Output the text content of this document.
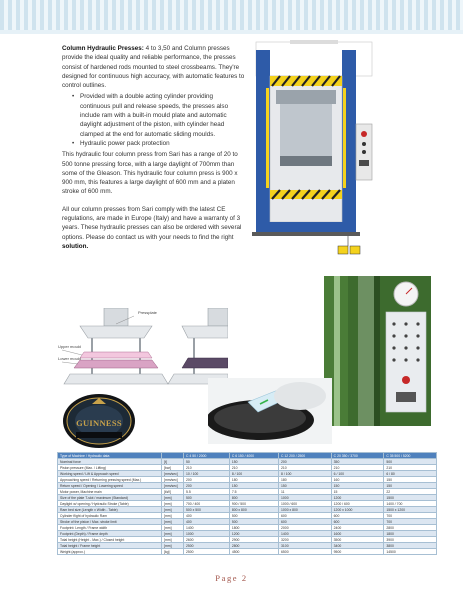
Column Hydraulic Presses: 4 to 3,50 and Column presses provide the ideal quality and reliable performance, the presses consist of hardened rods mounted to steel crossbeams. They're designed for continuous high accuracy, with automatic features to control outlines.

• Provided with a double acting cylinder providing continuous pull and release speeds, the presses also include ram with a built-in mould plate and automatic daylight adjustment of the piston, with cylinder head clamped at the end for automatic sliding moulds.
• Hydraulic power pack protection

This hydraulic four column press from Sari has a range of 20 to 500 tonne pressing force, with a large daylight of 700mm than some of the Gleason. This hydraulic four column press is 900 x 900 mm, this features a large daylight of 600 mm and a platen stroke of 600 mm.

All our column presses from Sari comply with the latest CE regulations, are made in Europe (Italy) and have a warranty of 3 years. These hydraulic presses can also be ordered with several options. Please do contact us with your needs to find the right solution.

Pressplate
Upper mould
Lower mould
GUINNESS
Type of Machine / Hydraulic data		C 4 50 / 2000	C 6 150 / 4000	C 12 200 / 2500	C 20 350 / 3700	C 35 500 / 5200
Nominal force	[t]	50	150	200	350	500
Piston pressure (Max. / Lifting)	[bar]	210	210	210	210	210
Working speed / Lift & Approach speed	[mm/sec]	10 / 100	8 / 100	8 / 100	6 / 100	6 / 80
Approaching speed / Returning pressing speed (Max.)	[mm/sec]	200	180	180	160	150
Return speed / Opening / Lowering speed	[mm/sec]	200	150	150	150	150
Motor power, Machine main	[kW]	5.5	7.5	11	15	22
Size of the plate T-slot / maximum (Standard)	[mm]	500	800	1000	1200	1500
Daylight w/ opening / Hydraulic Stroke (Table)	[mm]	700 / 400	900 / 500	1000 / 600	1200 / 600	1400 / 700
Ram bed size (Length x Width - Table)	[mm]	500 x 500	800 x 800	1000 x 800	1200 x 1000	1500 x 1200
Cylinder flight of hydraulic Ram	[mm]	400	500	600	600	700
Stroke of the piston / Max. stroke limit	[mm]	400	500	600	600	700
Footprint: Length / Frame width	[mm]	1400	1800	2000	2400	2800
Footprint (Depth) / Frame depth	[mm]	1000	1200	1400	1600	1800
Total height (Height - Max.) / Closed height	[mm]	2600	2900	3200	3500	3900
Total height / Frame height	[mm]	2500	2800	3100	3400	3800
Weight (approx.)	[kg]	2500	4500	6500	9500	14500
Page 2
